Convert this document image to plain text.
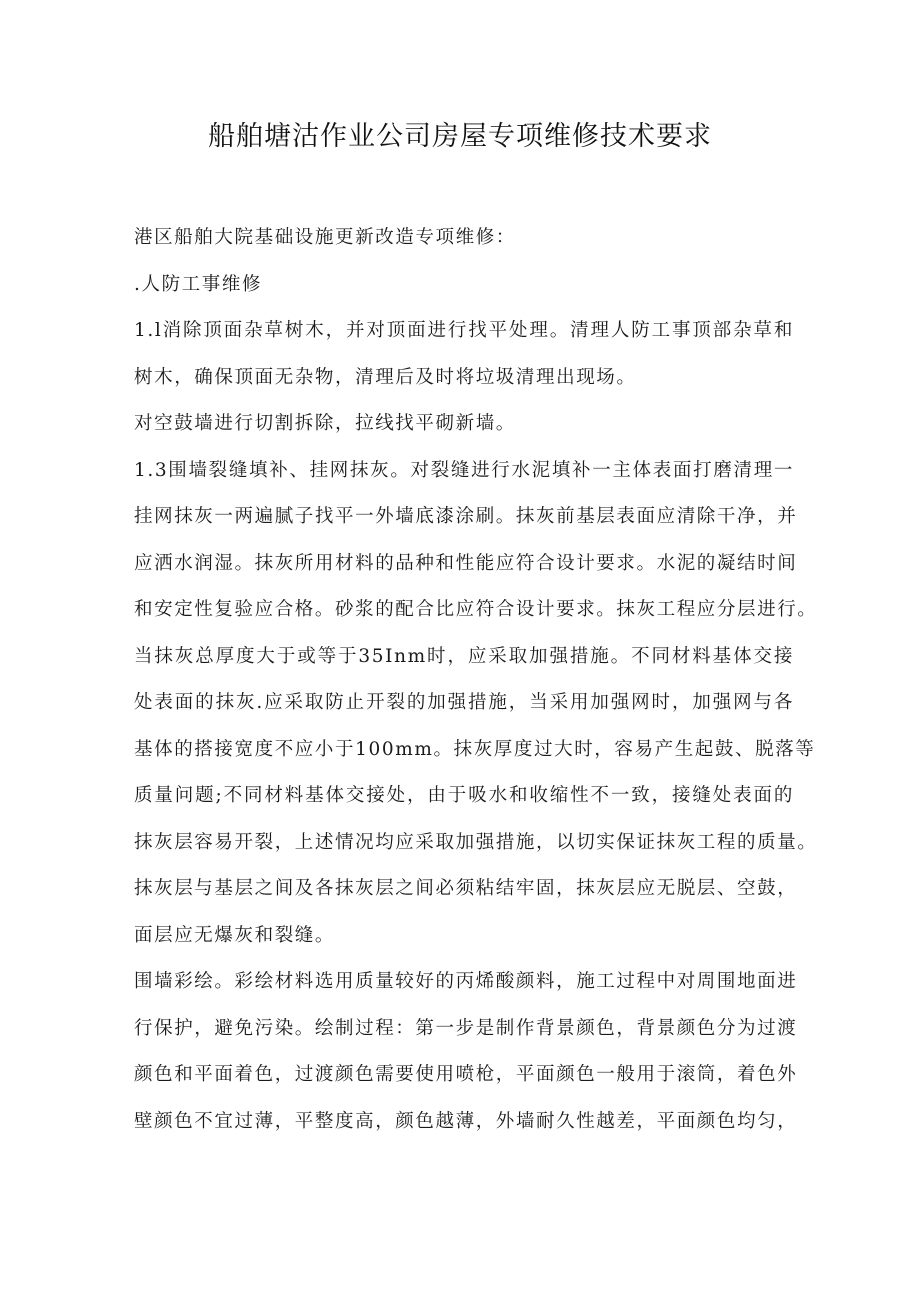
船舶塘沽作业公司房屋专项维修技术要求
港区船舶大院基础设施更新改造专项维修：
.人防工事维修
1.l消除顶面杂草树木，并对顶面进行找平处理。清理人防工事顶部杂草和
树木，确保顶面无杂物，清理后及时将垃圾清理出现场。
对空鼓墙进行切割拆除，拉线找平砌新墙。
1.3围墙裂缝填补、挂网抹灰。对裂缝进行水泥填补一主体表面打磨清理一
挂网抹灰一两遍腻子找平一外墙底漆涂刷。抹灰前基层表面应清除干净，并
应洒水润湿。抹灰所用材料的品种和性能应符合设计要求。水泥的凝结时间
和安定性复验应合格。砂浆的配合比应符合设计要求。抹灰工程应分层进行。
当抹灰总厚度大于或等于35Inm时，应采取加强措施。不同材料基体交接
处表面的抹灰.应采取防止开裂的加强措施，当采用加强网时，加强网与各
基体的搭接宽度不应小于100mm。抹灰厚度过大时，容易产生起鼓、脱落等
质量问题;不同材料基体交接处，由于吸水和收缩性不一致，接缝处表面的
抹灰层容易开裂，上述情况均应采取加强措施，以切实保证抹灰工程的质量。
抹灰层与基层之间及各抹灰层之间必须粘结牢固，抹灰层应无脱层、空鼓，
面层应无爆灰和裂缝。
围墙彩绘。彩绘材料选用质量较好的丙烯酸颜料，施工过程中对周围地面进
行保护，避免污染。绘制过程：第一步是制作背景颜色，背景颜色分为过渡
颜色和平面着色，过渡颜色需要使用喷枪，平面颜色一般用于滚筒，着色外
壁颜色不宜过薄，平整度高，颜色越薄，外墙耐久性越差，平面颜色均匀，
